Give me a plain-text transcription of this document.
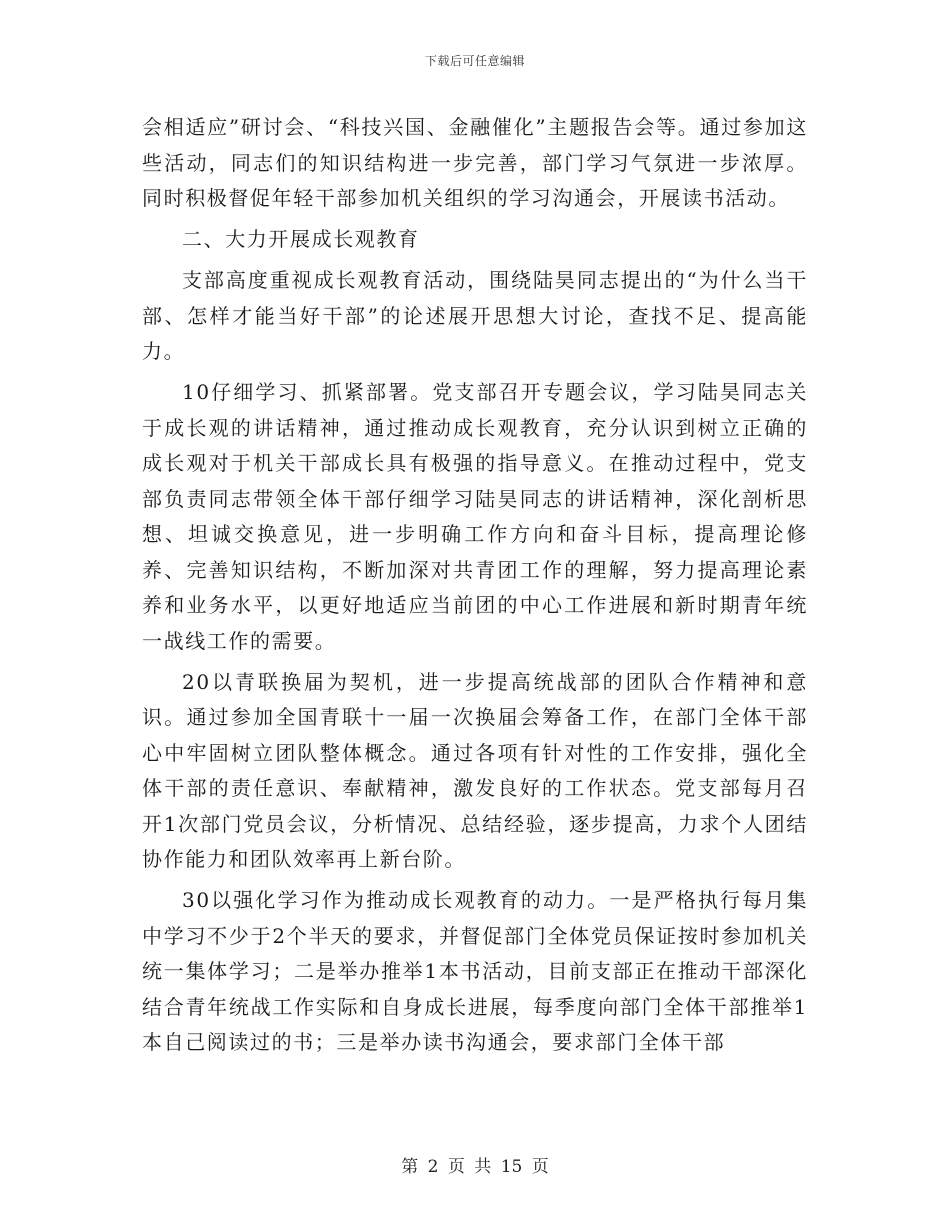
下载后可任意编辑

会相适应”研讨会、“科技兴国、金融催化”主题报告会等。通过参加这些活动，同志们的知识结构进一步完善，部门学习气氛进一步浓厚。同时积极督促年轻干部参加机关组织的学习沟通会，开展读书活动。

二、大力开展成长观教育

支部高度重视成长观教育活动，围绕陆昊同志提出的“为什么当干部、怎样才能当好干部”的论述展开思想大讨论，查找不足、提高能力。

10仔细学习、抓紧部署。党支部召开专题会议，学习陆昊同志关于成长观的讲话精神，通过推动成长观教育，充分认识到树立正确的成长观对于机关干部成长具有极强的指导意义。在推动过程中，党支部负责同志带领全体干部仔细学习陆昊同志的讲话精神，深化剖析思想、坦诚交换意见，进一步明确工作方向和奋斗目标，提高理论修养、完善知识结构，不断加深对共青团工作的理解，努力提高理论素养和业务水平，以更好地适应当前团的中心工作进展和新时期青年统一战线工作的需要。

20以青联换届为契机，进一步提高统战部的团队合作精神和意识。通过参加全国青联十一届一次换届会筹备工作，在部门全体干部心中牢固树立团队整体概念。通过各项有针对性的工作安排，强化全体干部的责任意识、奉献精神，激发良好的工作状态。党支部每月召开1次部门党员会议，分析情况、总结经验，逐步提高，力求个人团结协作能力和团队效率再上新台阶。

30以强化学习作为推动成长观教育的动力。一是严格执行每月集中学习不少于2个半天的要求，并督促部门全体党员保证按时参加机关统一集体学习；二是举办推举1本书活动，目前支部正在推动干部深化结合青年统战工作实际和自身成长进展，每季度向部门全体干部推举1本自己阅读过的书；三是举办读书沟通会，要求部门全体干部

第 2 页 共 15 页
